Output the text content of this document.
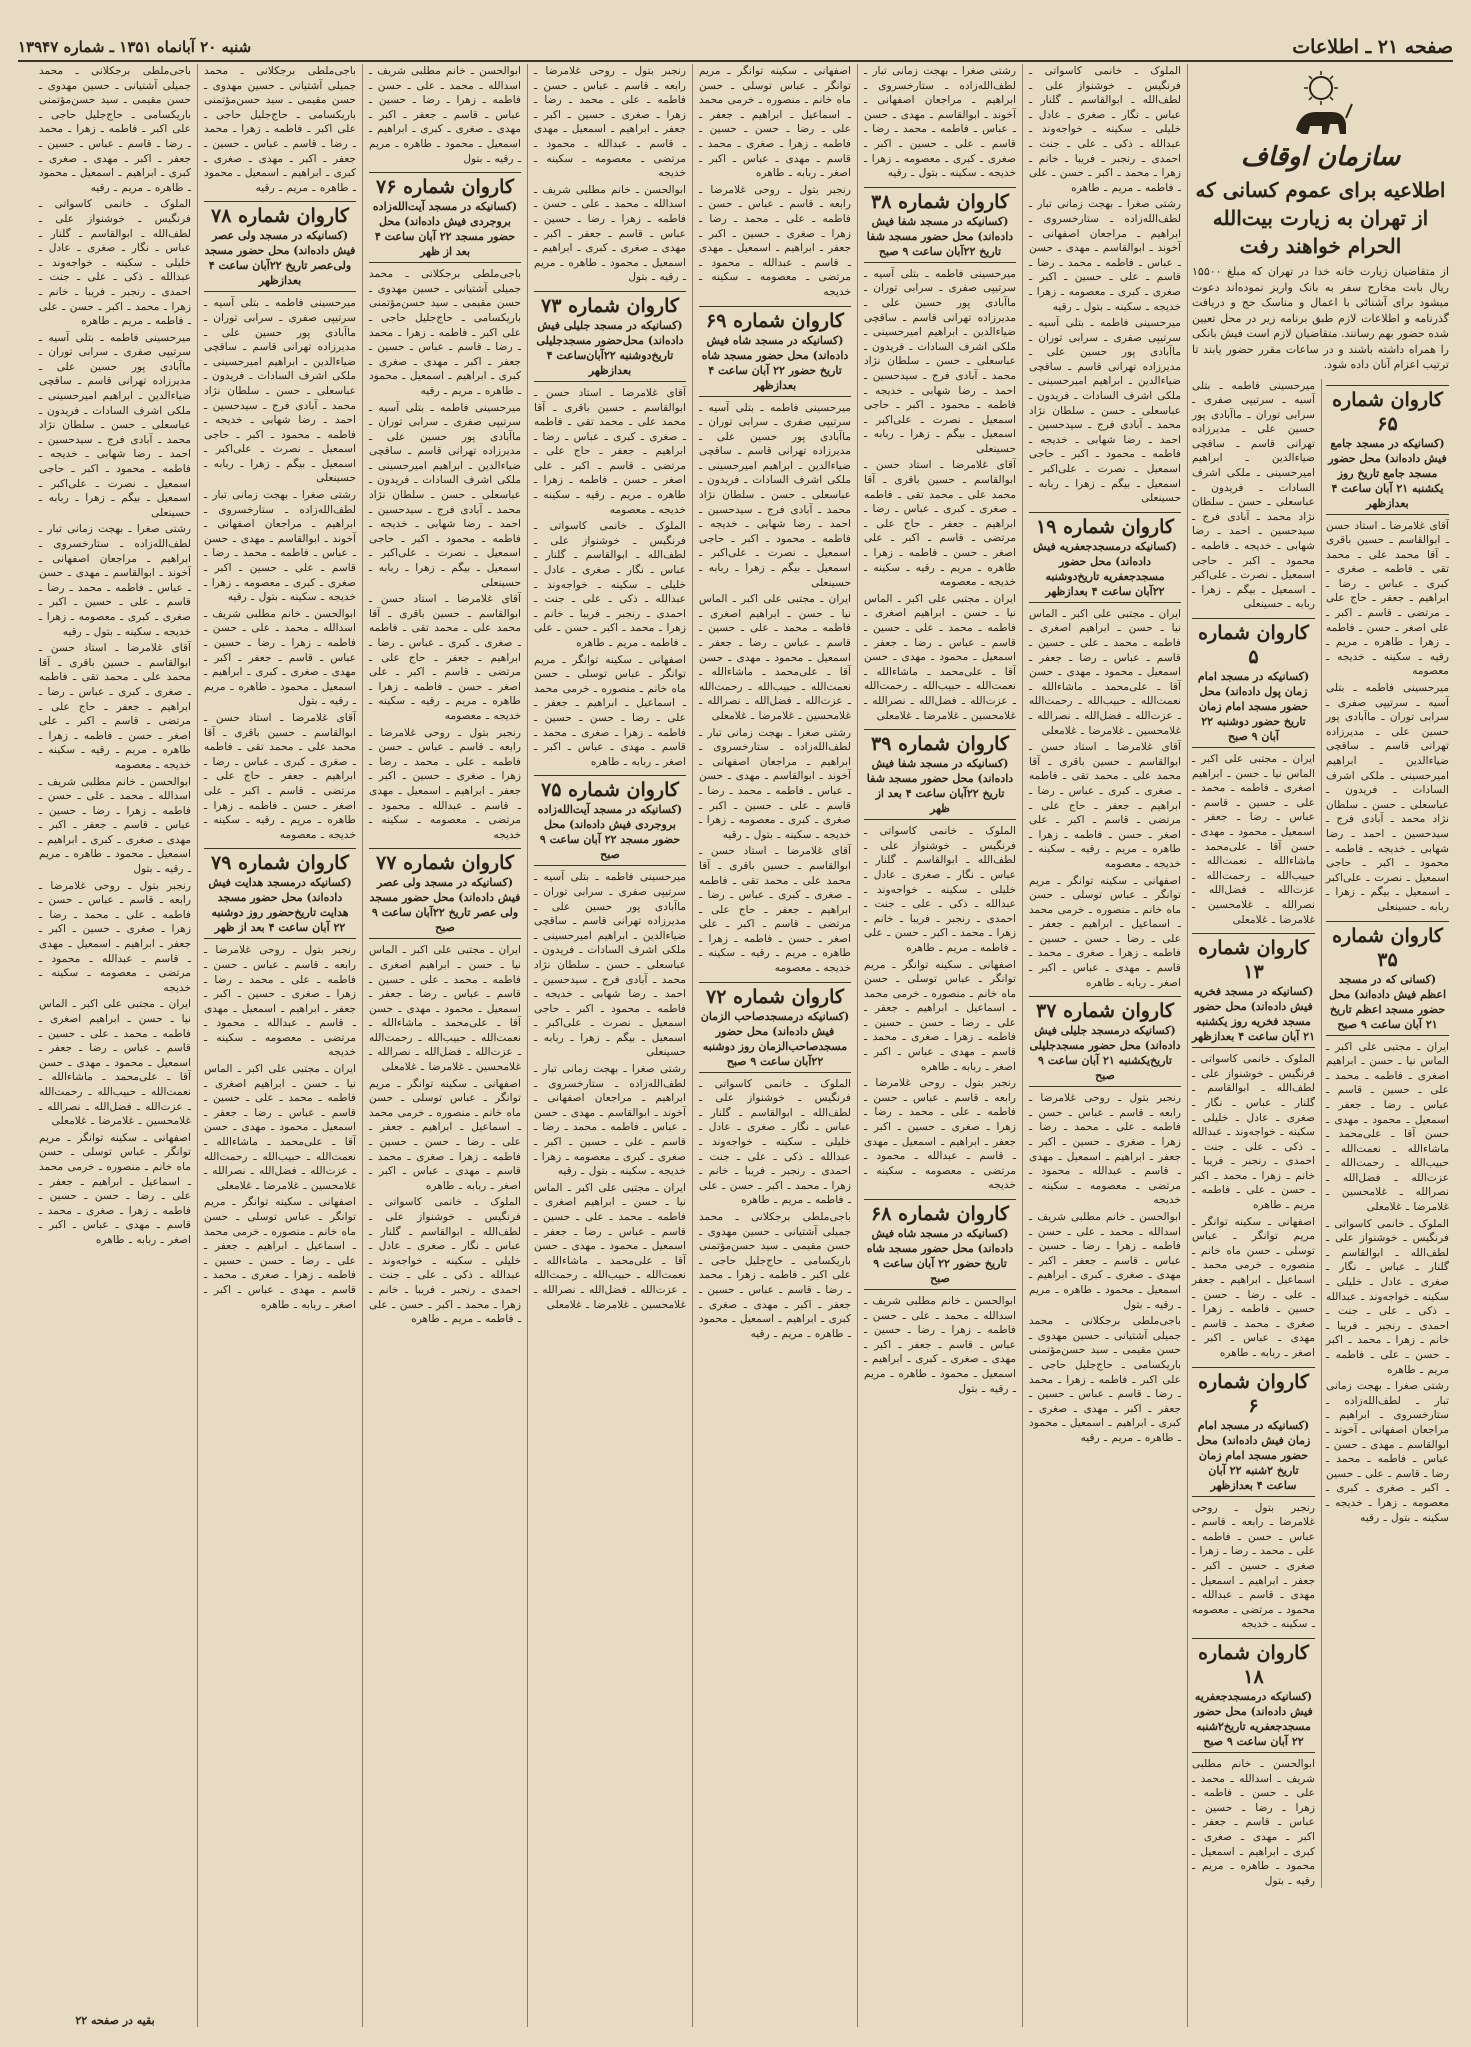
صفحه ۲۱ ـ اطلاعات
شنبه ۲۰ آبانماه ۱۳۵۱ ـ شماره ۱۳۹۴۷
سازمان اوقاف
اطلاعیه برای عموم کسانی که از تهران به زیارت بیت‌الله الحرام خواهند رفت
از متقاضیان زیارت خانه خدا در تهران که مبلغ ۱۵۵۰۰ ریال بابت مخارج سفر به بانک واریز نموده‌اند دعوت میشود برای آشنائی با اعمال و مناسک حج و دریافت گذرنامه و اطلاعات لازم طبق برنامه زیر در محل تعیین شده حضور بهم رسانند. متقاضیان لازم است فیش بانکی را همراه داشته باشند و در ساعات مقرر حضور یابند تا ترتیب اعزام آنان داده شود.
کاروان شماره ۶۵
(کسانیکه در مسجد جامع فیش داده‌اند) محل حضور مسجد جامع تاریخ روز یکشنبه ۲۱ آبان ساعت ۴ بعدازظهر
آقای غلامرضا ـ استاد حسن ـ ابوالقاسم ـ حسین باقری ـ آقا محمد علی ـ محمد تقی ـ فاطمه ـ صغری ـ کبری ـ عباس ـ رضا ـ ابراهیم ـ جعفر ـ حاج علی ـ مرتضی ـ قاسم ـ اکبر ـ علی اصغر ـ حسن ـ فاطمه ـ زهرا ـ طاهره ـ مریم ـ رقیه ـ سکینه ـ خدیجه ـ معصومه
میرحسینی فاطمه ـ بتلی آسیه ـ سرتیپی صفری ـ سرابی توران ـ ماآبادی پور حسین علی ـ مدیرزاده تهرانی قاسم ـ ساقچی ضیاءالدین ـ ابراهیم امیرحسینی ـ ملکی اشرف السادات ـ فریدون ـ عباسعلی ـ حسن ـ سلطان نژاد محمد ـ آبادی فرج ـ سیدحسین ـ احمد ـ رضا شهابی ـ خدیجه ـ فاطمه ـ محمود ـ اکبر ـ حاجی اسمعیل ـ نصرت ـ علی‌اکبر ـ اسمعیل ـ بیگم ـ زهرا ـ ربابه ـ حسینعلی
کاروان شماره ۳۵
(کسانی که در مسجد اعظم فیش داده‌اند) محل حضور مسجد اعظم تاریخ ۲۱ آبان ساعت ۹ صبح
ایران ـ مجتبی علی اکبر ـ الماس نیا ـ حسن ـ ابراهیم اصغری ـ فاطمه ـ محمد ـ علی ـ حسین ـ قاسم ـ عباس ـ رضا ـ جعفر ـ اسمعیل ـ محمود ـ مهدی ـ حسن آقا ـ علی‌محمد ـ ماشاءالله ـ نعمت‌الله ـ حبیب‌الله ـ رحمت‌الله ـ عزت‌الله ـ فضل‌الله ـ نصرالله ـ غلامحسین ـ غلامرضا ـ غلامعلی
الملوک ـ خانمی کاسواتی ـ فرنگیس ـ خوشنواز علی ـ لطف‌الله ـ ابوالقاسم ـ گلنار ـ عباس ـ نگار ـ صغری ـ عادل ـ خلیلی ـ سکینه ـ خواجه‌وند ـ عبدالله ـ ذکی ـ علی ـ جنت ـ احمدی ـ رنجبر ـ فریبا ـ خانم ـ زهرا ـ محمد ـ اکبر ـ حسن ـ علی ـ فاطمه ـ مریم ـ طاهره
رشتی صغرا ـ بهجت زمانی تبار ـ لطف‌الله‌زاده ـ ستارخسروی ـ ابراهیم ـ مراجعان اصفهانی ـ آخوند ـ ابوالقاسم ـ مهدی ـ حسن ـ عباس ـ فاطمه ـ محمد ـ رضا ـ قاسم ـ علی ـ حسین ـ اکبر ـ صغری ـ کبری ـ معصومه ـ زهرا ـ خدیجه ـ سکینه ـ بتول ـ رقیه
میرحسینی فاطمه ـ بتلی آسیه ـ سرتیپی صفری ـ سرابی توران ـ ماآبادی پور حسین علی ـ مدیرزاده تهرانی قاسم ـ ساقچی ضیاءالدین ـ ابراهیم امیرحسینی ـ ملکی اشرف السادات ـ فریدون ـ عباسعلی ـ حسن ـ سلطان نژاد محمد ـ آبادی فرج ـ سیدحسین ـ احمد ـ رضا شهابی ـ خدیجه ـ فاطمه ـ محمود ـ اکبر ـ حاجی اسمعیل ـ نصرت ـ علی‌اکبر ـ اسمعیل ـ بیگم ـ زهرا ـ ربابه ـ حسینعلی
کاروان شماره ۵
(کسانیکه در مسجد امام زمان پول داده‌اند) محل حضور مسجد امام زمان تاریخ حضور دوشنبه ۲۲ آبان ۹ صبح
ایران ـ مجتبی علی اکبر ـ الماس نیا ـ حسن ـ ابراهیم اصغری ـ فاطمه ـ محمد ـ علی ـ حسین ـ قاسم ـ عباس ـ رضا ـ جعفر ـ اسمعیل ـ محمود ـ مهدی ـ حسن آقا ـ علی‌محمد ـ ماشاءالله ـ نعمت‌الله ـ حبیب‌الله ـ رحمت‌الله ـ عزت‌الله ـ فضل‌الله ـ نصرالله ـ غلامحسین ـ غلامرضا ـ غلامعلی
کاروان شماره ۱۳
(کسانیکه در مسجد فخریه فیش داده‌اند) محل حضور مسجد فخریه روز یکشنبه ۲۱ آبان ساعت ۴ بعدازظهر
الملوک ـ خانمی کاسواتی ـ فرنگیس ـ خوشنواز علی ـ لطف‌الله ـ ابوالقاسم ـ گلنار ـ عباس ـ نگار ـ صغری ـ عادل ـ خلیلی ـ سکینه ـ خواجه‌وند ـ عبدالله ـ ذکی ـ علی ـ جنت ـ احمدی ـ رنجبر ـ فریبا ـ خانم ـ زهرا ـ محمد ـ اکبر ـ حسن ـ علی ـ فاطمه ـ مریم ـ طاهره
اصفهانی ـ سکینه توانگر ـ مریم توانگر ـ عباس توسلی ـ حسن ماه خانم ـ منصوره ـ خرمی محمد ـ اسماعیل ـ ابراهیم ـ جعفر ـ علی ـ رضا ـ حسن ـ حسین ـ فاطمه ـ زهرا ـ صغری ـ محمد ـ قاسم ـ مهدی ـ عباس ـ اکبر ـ اصغر ـ ربابه ـ طاهره
کاروان شماره ۶
(کسانیکه در مسجد امام زمان فیش داده‌اند) محل حضور مسجد امام زمان تاریخ ۲شنبه ۲۲ آبان ساعت ۴ بعدازظهر
رنجبر بتول ـ روحی غلامرضا ـ رابعه ـ قاسم ـ عباس ـ حسن ـ فاطمه ـ علی ـ محمد ـ رضا ـ زهرا ـ صغری ـ حسین ـ اکبر ـ جعفر ـ ابراهیم ـ اسمعیل ـ مهدی ـ قاسم ـ عبدالله ـ محمود ـ مرتضی ـ معصومه ـ سکینه ـ خدیجه
کاروان شماره ۱۸
(کسانیکه درمسجدجعفریه فیش داده‌اند) محل حضور مسجدجعفریه تاریخ۲شنبه ۲۲ آبان ساعت ۹ صبح
ابوالحسن ـ خانم مطلبی شریف ـ اسدالله ـ محمد ـ علی ـ حسن ـ فاطمه ـ زهرا ـ رضا ـ حسین ـ عباس ـ قاسم ـ جعفر ـ اکبر ـ مهدی ـ صغری ـ کبری ـ ابراهیم ـ اسمعیل ـ محمود ـ طاهره ـ مریم ـ رقیه ـ بتول
الملوک ـ خانمی کاسواتی ـ فرنگیس ـ خوشنواز علی ـ لطف‌الله ـ ابوالقاسم ـ گلنار ـ عباس ـ نگار ـ صغری ـ عادل ـ خلیلی ـ سکینه ـ خواجه‌وند ـ عبدالله ـ ذکی ـ علی ـ جنت ـ احمدی ـ رنجبر ـ فریبا ـ خانم ـ زهرا ـ محمد ـ اکبر ـ حسن ـ علی ـ فاطمه ـ مریم ـ طاهره
رشتی صغرا ـ بهجت زمانی تبار ـ لطف‌الله‌زاده ـ ستارخسروی ـ ابراهیم ـ مراجعان اصفهانی ـ آخوند ـ ابوالقاسم ـ مهدی ـ حسن ـ عباس ـ فاطمه ـ محمد ـ رضا ـ قاسم ـ علی ـ حسین ـ اکبر ـ صغری ـ کبری ـ معصومه ـ زهرا ـ خدیجه ـ سکینه ـ بتول ـ رقیه
میرحسینی فاطمه ـ بتلی آسیه ـ سرتیپی صفری ـ سرابی توران ـ ماآبادی پور حسین علی ـ مدیرزاده تهرانی قاسم ـ ساقچی ضیاءالدین ـ ابراهیم امیرحسینی ـ ملکی اشرف السادات ـ فریدون ـ عباسعلی ـ حسن ـ سلطان نژاد محمد ـ آبادی فرج ـ سیدحسین ـ احمد ـ رضا شهابی ـ خدیجه ـ فاطمه ـ محمود ـ اکبر ـ حاجی اسمعیل ـ نصرت ـ علی‌اکبر ـ اسمعیل ـ بیگم ـ زهرا ـ ربابه ـ حسینعلی
کاروان شماره ۱۹
(کسانیکه درمسجدجعفریه فیش داده‌اند) محل حضور مسجدجعفریه تاریخ‌دوشنبه ۲۲آبان ساعت ۴ بعدازظهر
ایران ـ مجتبی علی اکبر ـ الماس نیا ـ حسن ـ ابراهیم اصغری ـ فاطمه ـ محمد ـ علی ـ حسین ـ قاسم ـ عباس ـ رضا ـ جعفر ـ اسمعیل ـ محمود ـ مهدی ـ حسن آقا ـ علی‌محمد ـ ماشاءالله ـ نعمت‌الله ـ حبیب‌الله ـ رحمت‌الله ـ عزت‌الله ـ فضل‌الله ـ نصرالله ـ غلامحسین ـ غلامرضا ـ غلامعلی
آقای غلامرضا ـ استاد حسن ـ ابوالقاسم ـ حسین باقری ـ آقا محمد علی ـ محمد تقی ـ فاطمه ـ صغری ـ کبری ـ عباس ـ رضا ـ ابراهیم ـ جعفر ـ حاج علی ـ مرتضی ـ قاسم ـ اکبر ـ علی اصغر ـ حسن ـ فاطمه ـ زهرا ـ طاهره ـ مریم ـ رقیه ـ سکینه ـ خدیجه ـ معصومه
اصفهانی ـ سکینه توانگر ـ مریم توانگر ـ عباس توسلی ـ حسن ماه خانم ـ منصوره ـ خرمی محمد ـ اسماعیل ـ ابراهیم ـ جعفر ـ علی ـ رضا ـ حسن ـ حسین ـ فاطمه ـ زهرا ـ صغری ـ محمد ـ قاسم ـ مهدی ـ عباس ـ اکبر ـ اصغر ـ ربابه ـ طاهره
کاروان شماره ۳۷
(کسانیکه درمسجد جلیلی فیش داده‌اند) محل حضور مسجدجلیلی تاریخ‌یکشنبه ۲۱ آبان ساعت ۹ صبح
رنجبر بتول ـ روحی غلامرضا ـ رابعه ـ قاسم ـ عباس ـ حسن ـ فاطمه ـ علی ـ محمد ـ رضا ـ زهرا ـ صغری ـ حسین ـ اکبر ـ جعفر ـ ابراهیم ـ اسمعیل ـ مهدی ـ قاسم ـ عبدالله ـ محمود ـ مرتضی ـ معصومه ـ سکینه ـ خدیجه
ابوالحسن ـ خانم مطلبی شریف ـ اسدالله ـ محمد ـ علی ـ حسن ـ فاطمه ـ زهرا ـ رضا ـ حسین ـ عباس ـ قاسم ـ جعفر ـ اکبر ـ مهدی ـ صغری ـ کبری ـ ابراهیم ـ اسمعیل ـ محمود ـ طاهره ـ مریم ـ رقیه ـ بتول
باجی‌ملطی برجکلانی ـ محمد جمیلی آشتیانی ـ حسین مهدوی ـ حسن مقیمی ـ سید حسن‌مؤتمنی باریکسامی ـ حاج‌جلیل حاجی ـ علی اکبر ـ فاطمه ـ زهرا ـ محمد ـ رضا ـ قاسم ـ عباس ـ حسین ـ جعفر ـ اکبر ـ مهدی ـ صغری ـ کبری ـ ابراهیم ـ اسمعیل ـ محمود ـ طاهره ـ مریم ـ رقیه
رشتی صغرا ـ بهجت زمانی تبار ـ لطف‌الله‌زاده ـ ستارخسروی ـ ابراهیم ـ مراجعان اصفهانی ـ آخوند ـ ابوالقاسم ـ مهدی ـ حسن ـ عباس ـ فاطمه ـ محمد ـ رضا ـ قاسم ـ علی ـ حسین ـ اکبر ـ صغری ـ کبری ـ معصومه ـ زهرا ـ خدیجه ـ سکینه ـ بتول ـ رقیه
کاروان شماره ۳۸
(کسانیکه در مسجد شفا فیش داده‌اند) محل حضور مسجد شفا تاریخ ۲۲آبان ساعت ۹ صبح
میرحسینی فاطمه ـ بتلی آسیه ـ سرتیپی صفری ـ سرابی توران ـ ماآبادی پور حسین علی ـ مدیرزاده تهرانی قاسم ـ ساقچی ضیاءالدین ـ ابراهیم امیرحسینی ـ ملکی اشرف السادات ـ فریدون ـ عباسعلی ـ حسن ـ سلطان نژاد محمد ـ آبادی فرج ـ سیدحسین ـ احمد ـ رضا شهابی ـ خدیجه ـ فاطمه ـ محمود ـ اکبر ـ حاجی اسمعیل ـ نصرت ـ علی‌اکبر ـ اسمعیل ـ بیگم ـ زهرا ـ ربابه ـ حسینعلی
آقای غلامرضا ـ استاد حسن ـ ابوالقاسم ـ حسین باقری ـ آقا محمد علی ـ محمد تقی ـ فاطمه ـ صغری ـ کبری ـ عباس ـ رضا ـ ابراهیم ـ جعفر ـ حاج علی ـ مرتضی ـ قاسم ـ اکبر ـ علی اصغر ـ حسن ـ فاطمه ـ زهرا ـ طاهره ـ مریم ـ رقیه ـ سکینه ـ خدیجه ـ معصومه
ایران ـ مجتبی علی اکبر ـ الماس نیا ـ حسن ـ ابراهیم اصغری ـ فاطمه ـ محمد ـ علی ـ حسین ـ قاسم ـ عباس ـ رضا ـ جعفر ـ اسمعیل ـ محمود ـ مهدی ـ حسن آقا ـ علی‌محمد ـ ماشاءالله ـ نعمت‌الله ـ حبیب‌الله ـ رحمت‌الله ـ عزت‌الله ـ فضل‌الله ـ نصرالله ـ غلامحسین ـ غلامرضا ـ غلامعلی
کاروان شماره ۳۹
(کسانیکه در مسجد شفا فیش داده‌اند) محل حضور مسجد شفا تاریخ ۲۲آبان ساعت ۴ بعد از ظهر
الملوک ـ خانمی کاسواتی ـ فرنگیس ـ خوشنواز علی ـ لطف‌الله ـ ابوالقاسم ـ گلنار ـ عباس ـ نگار ـ صغری ـ عادل ـ خلیلی ـ سکینه ـ خواجه‌وند ـ عبدالله ـ ذکی ـ علی ـ جنت ـ احمدی ـ رنجبر ـ فریبا ـ خانم ـ زهرا ـ محمد ـ اکبر ـ حسن ـ علی ـ فاطمه ـ مریم ـ طاهره
اصفهانی ـ سکینه توانگر ـ مریم توانگر ـ عباس توسلی ـ حسن ماه خانم ـ منصوره ـ خرمی محمد ـ اسماعیل ـ ابراهیم ـ جعفر ـ علی ـ رضا ـ حسن ـ حسین ـ فاطمه ـ زهرا ـ صغری ـ محمد ـ قاسم ـ مهدی ـ عباس ـ اکبر ـ اصغر ـ ربابه ـ طاهره
رنجبر بتول ـ روحی غلامرضا ـ رابعه ـ قاسم ـ عباس ـ حسن ـ فاطمه ـ علی ـ محمد ـ رضا ـ زهرا ـ صغری ـ حسین ـ اکبر ـ جعفر ـ ابراهیم ـ اسمعیل ـ مهدی ـ قاسم ـ عبدالله ـ محمود ـ مرتضی ـ معصومه ـ سکینه ـ خدیجه
کاروان شماره ۶۸
(کسانیکه در مسجد شاه فیش داده‌اند) محل حضور مسجد شاه تاریخ حضور ۲۲ آبان ساعت ۹ صبح
ابوالحسن ـ خانم مطلبی شریف ـ اسدالله ـ محمد ـ علی ـ حسن ـ فاطمه ـ زهرا ـ رضا ـ حسین ـ عباس ـ قاسم ـ جعفر ـ اکبر ـ مهدی ـ صغری ـ کبری ـ ابراهیم ـ اسمعیل ـ محمود ـ طاهره ـ مریم ـ رقیه ـ بتول
اصفهانی ـ سکینه توانگر ـ مریم توانگر ـ عباس توسلی ـ حسن ماه خانم ـ منصوره ـ خرمی محمد ـ اسماعیل ـ ابراهیم ـ جعفر ـ علی ـ رضا ـ حسن ـ حسین ـ فاطمه ـ زهرا ـ صغری ـ محمد ـ قاسم ـ مهدی ـ عباس ـ اکبر ـ اصغر ـ ربابه ـ طاهره
رنجبر بتول ـ روحی غلامرضا ـ رابعه ـ قاسم ـ عباس ـ حسن ـ فاطمه ـ علی ـ محمد ـ رضا ـ زهرا ـ صغری ـ حسین ـ اکبر ـ جعفر ـ ابراهیم ـ اسمعیل ـ مهدی ـ قاسم ـ عبدالله ـ محمود ـ مرتضی ـ معصومه ـ سکینه ـ خدیجه
کاروان شماره ۶۹
(کسانیکه در مسجد شاه فیش داده‌اند) محل حضور مسجد شاه تاریخ حضور ۲۲ آبان ساعت ۴ بعدازظهر
میرحسینی فاطمه ـ بتلی آسیه ـ سرتیپی صفری ـ سرابی توران ـ ماآبادی پور حسین علی ـ مدیرزاده تهرانی قاسم ـ ساقچی ضیاءالدین ـ ابراهیم امیرحسینی ـ ملکی اشرف السادات ـ فریدون ـ عباسعلی ـ حسن ـ سلطان نژاد محمد ـ آبادی فرج ـ سیدحسین ـ احمد ـ رضا شهابی ـ خدیجه ـ فاطمه ـ محمود ـ اکبر ـ حاجی اسمعیل ـ نصرت ـ علی‌اکبر ـ اسمعیل ـ بیگم ـ زهرا ـ ربابه ـ حسینعلی
ایران ـ مجتبی علی اکبر ـ الماس نیا ـ حسن ـ ابراهیم اصغری ـ فاطمه ـ محمد ـ علی ـ حسین ـ قاسم ـ عباس ـ رضا ـ جعفر ـ اسمعیل ـ محمود ـ مهدی ـ حسن آقا ـ علی‌محمد ـ ماشاءالله ـ نعمت‌الله ـ حبیب‌الله ـ رحمت‌الله ـ عزت‌الله ـ فضل‌الله ـ نصرالله ـ غلامحسین ـ غلامرضا ـ غلامعلی
رشتی صغرا ـ بهجت زمانی تبار ـ لطف‌الله‌زاده ـ ستارخسروی ـ ابراهیم ـ مراجعان اصفهانی ـ آخوند ـ ابوالقاسم ـ مهدی ـ حسن ـ عباس ـ فاطمه ـ محمد ـ رضا ـ قاسم ـ علی ـ حسین ـ اکبر ـ صغری ـ کبری ـ معصومه ـ زهرا ـ خدیجه ـ سکینه ـ بتول ـ رقیه
آقای غلامرضا ـ استاد حسن ـ ابوالقاسم ـ حسین باقری ـ آقا محمد علی ـ محمد تقی ـ فاطمه ـ صغری ـ کبری ـ عباس ـ رضا ـ ابراهیم ـ جعفر ـ حاج علی ـ مرتضی ـ قاسم ـ اکبر ـ علی اصغر ـ حسن ـ فاطمه ـ زهرا ـ طاهره ـ مریم ـ رقیه ـ سکینه ـ خدیجه ـ معصومه
کاروان شماره ۷۲
(کسانیکه درمسجدصاحب الزمان فیش داده‌اند) محل حضور مسجدصاحب‌الزمان روز دوشنبه ۲۲آبان ساعت ۹ صبح
الملوک ـ خانمی کاسواتی ـ فرنگیس ـ خوشنواز علی ـ لطف‌الله ـ ابوالقاسم ـ گلنار ـ عباس ـ نگار ـ صغری ـ عادل ـ خلیلی ـ سکینه ـ خواجه‌وند ـ عبدالله ـ ذکی ـ علی ـ جنت ـ احمدی ـ رنجبر ـ فریبا ـ خانم ـ زهرا ـ محمد ـ اکبر ـ حسن ـ علی ـ فاطمه ـ مریم ـ طاهره
باجی‌ملطی برجکلانی ـ محمد جمیلی آشتیانی ـ حسین مهدوی ـ حسن مقیمی ـ سید حسن‌مؤتمنی باریکسامی ـ حاج‌جلیل حاجی ـ علی اکبر ـ فاطمه ـ زهرا ـ محمد ـ رضا ـ قاسم ـ عباس ـ حسین ـ جعفر ـ اکبر ـ مهدی ـ صغری ـ کبری ـ ابراهیم ـ اسمعیل ـ محمود ـ طاهره ـ مریم ـ رقیه
رنجبر بتول ـ روحی غلامرضا ـ رابعه ـ قاسم ـ عباس ـ حسن ـ فاطمه ـ علی ـ محمد ـ رضا ـ زهرا ـ صغری ـ حسین ـ اکبر ـ جعفر ـ ابراهیم ـ اسمعیل ـ مهدی ـ قاسم ـ عبدالله ـ محمود ـ مرتضی ـ معصومه ـ سکینه ـ خدیجه
ابوالحسن ـ خانم مطلبی شریف ـ اسدالله ـ محمد ـ علی ـ حسن ـ فاطمه ـ زهرا ـ رضا ـ حسین ـ عباس ـ قاسم ـ جعفر ـ اکبر ـ مهدی ـ صغری ـ کبری ـ ابراهیم ـ اسمعیل ـ محمود ـ طاهره ـ مریم ـ رقیه ـ بتول
کاروان شماره ۷۳
(کسانیکه در مسجد جلیلی فیش داده‌اند) محل‌حضور مسجدجلیلی تاریخ‌دوشنبه ۲۲آبان‌ساعت ۴ بعدازظهر
آقای غلامرضا ـ استاد حسن ـ ابوالقاسم ـ حسین باقری ـ آقا محمد علی ـ محمد تقی ـ فاطمه ـ صغری ـ کبری ـ عباس ـ رضا ـ ابراهیم ـ جعفر ـ حاج علی ـ مرتضی ـ قاسم ـ اکبر ـ علی اصغر ـ حسن ـ فاطمه ـ زهرا ـ طاهره ـ مریم ـ رقیه ـ سکینه ـ خدیجه ـ معصومه
الملوک ـ خانمی کاسواتی ـ فرنگیس ـ خوشنواز علی ـ لطف‌الله ـ ابوالقاسم ـ گلنار ـ عباس ـ نگار ـ صغری ـ عادل ـ خلیلی ـ سکینه ـ خواجه‌وند ـ عبدالله ـ ذکی ـ علی ـ جنت ـ احمدی ـ رنجبر ـ فریبا ـ خانم ـ زهرا ـ محمد ـ اکبر ـ حسن ـ علی ـ فاطمه ـ مریم ـ طاهره
اصفهانی ـ سکینه توانگر ـ مریم توانگر ـ عباس توسلی ـ حسن ماه خانم ـ منصوره ـ خرمی محمد ـ اسماعیل ـ ابراهیم ـ جعفر ـ علی ـ رضا ـ حسن ـ حسین ـ فاطمه ـ زهرا ـ صغری ـ محمد ـ قاسم ـ مهدی ـ عباس ـ اکبر ـ اصغر ـ ربابه ـ طاهره
کاروان شماره ۷۵
(کسانیکه در مسجد آیت‌الله‌زاده بروجردی فیش داده‌اند) محل حضور مسجد ۲۲ آبان ساعت ۹ صبح
میرحسینی فاطمه ـ بتلی آسیه ـ سرتیپی صفری ـ سرابی توران ـ ماآبادی پور حسین علی ـ مدیرزاده تهرانی قاسم ـ ساقچی ضیاءالدین ـ ابراهیم امیرحسینی ـ ملکی اشرف السادات ـ فریدون ـ عباسعلی ـ حسن ـ سلطان نژاد محمد ـ آبادی فرج ـ سیدحسین ـ احمد ـ رضا شهابی ـ خدیجه ـ فاطمه ـ محمود ـ اکبر ـ حاجی اسمعیل ـ نصرت ـ علی‌اکبر ـ اسمعیل ـ بیگم ـ زهرا ـ ربابه ـ حسینعلی
رشتی صغرا ـ بهجت زمانی تبار ـ لطف‌الله‌زاده ـ ستارخسروی ـ ابراهیم ـ مراجعان اصفهانی ـ آخوند ـ ابوالقاسم ـ مهدی ـ حسن ـ عباس ـ فاطمه ـ محمد ـ رضا ـ قاسم ـ علی ـ حسین ـ اکبر ـ صغری ـ کبری ـ معصومه ـ زهرا ـ خدیجه ـ سکینه ـ بتول ـ رقیه
ایران ـ مجتبی علی اکبر ـ الماس نیا ـ حسن ـ ابراهیم اصغری ـ فاطمه ـ محمد ـ علی ـ حسین ـ قاسم ـ عباس ـ رضا ـ جعفر ـ اسمعیل ـ محمود ـ مهدی ـ حسن آقا ـ علی‌محمد ـ ماشاءالله ـ نعمت‌الله ـ حبیب‌الله ـ رحمت‌الله ـ عزت‌الله ـ فضل‌الله ـ نصرالله ـ غلامحسین ـ غلامرضا ـ غلامعلی
ابوالحسن ـ خانم مطلبی شریف ـ اسدالله ـ محمد ـ علی ـ حسن ـ فاطمه ـ زهرا ـ رضا ـ حسین ـ عباس ـ قاسم ـ جعفر ـ اکبر ـ مهدی ـ صغری ـ کبری ـ ابراهیم ـ اسمعیل ـ محمود ـ طاهره ـ مریم ـ رقیه ـ بتول
کاروان شماره ۷۶
(کسانیکه در مسجد آیت‌الله‌زاده بروجردی فیش داده‌اند) محل حضور مسجد ۲۲ آبان ساعت ۴ بعد از ظهر
باجی‌ملطی برجکلانی ـ محمد جمیلی آشتیانی ـ حسین مهدوی ـ حسن مقیمی ـ سید حسن‌مؤتمنی باریکسامی ـ حاج‌جلیل حاجی ـ علی اکبر ـ فاطمه ـ زهرا ـ محمد ـ رضا ـ قاسم ـ عباس ـ حسین ـ جعفر ـ اکبر ـ مهدی ـ صغری ـ کبری ـ ابراهیم ـ اسمعیل ـ محمود ـ طاهره ـ مریم ـ رقیه
میرحسینی فاطمه ـ بتلی آسیه ـ سرتیپی صفری ـ سرابی توران ـ ماآبادی پور حسین علی ـ مدیرزاده تهرانی قاسم ـ ساقچی ضیاءالدین ـ ابراهیم امیرحسینی ـ ملکی اشرف السادات ـ فریدون ـ عباسعلی ـ حسن ـ سلطان نژاد محمد ـ آبادی فرج ـ سیدحسین ـ احمد ـ رضا شهابی ـ خدیجه ـ فاطمه ـ محمود ـ اکبر ـ حاجی اسمعیل ـ نصرت ـ علی‌اکبر ـ اسمعیل ـ بیگم ـ زهرا ـ ربابه ـ حسینعلی
آقای غلامرضا ـ استاد حسن ـ ابوالقاسم ـ حسین باقری ـ آقا محمد علی ـ محمد تقی ـ فاطمه ـ صغری ـ کبری ـ عباس ـ رضا ـ ابراهیم ـ جعفر ـ حاج علی ـ مرتضی ـ قاسم ـ اکبر ـ علی اصغر ـ حسن ـ فاطمه ـ زهرا ـ طاهره ـ مریم ـ رقیه ـ سکینه ـ خدیجه ـ معصومه
رنجبر بتول ـ روحی غلامرضا ـ رابعه ـ قاسم ـ عباس ـ حسن ـ فاطمه ـ علی ـ محمد ـ رضا ـ زهرا ـ صغری ـ حسین ـ اکبر ـ جعفر ـ ابراهیم ـ اسمعیل ـ مهدی ـ قاسم ـ عبدالله ـ محمود ـ مرتضی ـ معصومه ـ سکینه ـ خدیجه
کاروان شماره ۷۷
(کسانیکه در مسجد ولی عصر فیش داده‌اند) محل حضور مسجد ولی عصر تاریخ ۲۲آبان ساعت ۹ صبح
ایران ـ مجتبی علی اکبر ـ الماس نیا ـ حسن ـ ابراهیم اصغری ـ فاطمه ـ محمد ـ علی ـ حسین ـ قاسم ـ عباس ـ رضا ـ جعفر ـ اسمعیل ـ محمود ـ مهدی ـ حسن آقا ـ علی‌محمد ـ ماشاءالله ـ نعمت‌الله ـ حبیب‌الله ـ رحمت‌الله ـ عزت‌الله ـ فضل‌الله ـ نصرالله ـ غلامحسین ـ غلامرضا ـ غلامعلی
اصفهانی ـ سکینه توانگر ـ مریم توانگر ـ عباس توسلی ـ حسن ماه خانم ـ منصوره ـ خرمی محمد ـ اسماعیل ـ ابراهیم ـ جعفر ـ علی ـ رضا ـ حسن ـ حسین ـ فاطمه ـ زهرا ـ صغری ـ محمد ـ قاسم ـ مهدی ـ عباس ـ اکبر ـ اصغر ـ ربابه ـ طاهره
الملوک ـ خانمی کاسواتی ـ فرنگیس ـ خوشنواز علی ـ لطف‌الله ـ ابوالقاسم ـ گلنار ـ عباس ـ نگار ـ صغری ـ عادل ـ خلیلی ـ سکینه ـ خواجه‌وند ـ عبدالله ـ ذکی ـ علی ـ جنت ـ احمدی ـ رنجبر ـ فریبا ـ خانم ـ زهرا ـ محمد ـ اکبر ـ حسن ـ علی ـ فاطمه ـ مریم ـ طاهره
باجی‌ملطی برجکلانی ـ محمد جمیلی آشتیانی ـ حسین مهدوی ـ حسن مقیمی ـ سید حسن‌مؤتمنی باریکسامی ـ حاج‌جلیل حاجی ـ علی اکبر ـ فاطمه ـ زهرا ـ محمد ـ رضا ـ قاسم ـ عباس ـ حسین ـ جعفر ـ اکبر ـ مهدی ـ صغری ـ کبری ـ ابراهیم ـ اسمعیل ـ محمود ـ طاهره ـ مریم ـ رقیه
کاروان شماره ۷۸
(کسانیکه در مسجد ولی عصر فیش داده‌اند) محل حضور مسجد ولی‌عصر تاریخ ۲۲آبان ساعت ۴ بعدازظهر
میرحسینی فاطمه ـ بتلی آسیه ـ سرتیپی صفری ـ سرابی توران ـ ماآبادی پور حسین علی ـ مدیرزاده تهرانی قاسم ـ ساقچی ضیاءالدین ـ ابراهیم امیرحسینی ـ ملکی اشرف السادات ـ فریدون ـ عباسعلی ـ حسن ـ سلطان نژاد محمد ـ آبادی فرج ـ سیدحسین ـ احمد ـ رضا شهابی ـ خدیجه ـ فاطمه ـ محمود ـ اکبر ـ حاجی اسمعیل ـ نصرت ـ علی‌اکبر ـ اسمعیل ـ بیگم ـ زهرا ـ ربابه ـ حسینعلی
رشتی صغرا ـ بهجت زمانی تبار ـ لطف‌الله‌زاده ـ ستارخسروی ـ ابراهیم ـ مراجعان اصفهانی ـ آخوند ـ ابوالقاسم ـ مهدی ـ حسن ـ عباس ـ فاطمه ـ محمد ـ رضا ـ قاسم ـ علی ـ حسین ـ اکبر ـ صغری ـ کبری ـ معصومه ـ زهرا ـ خدیجه ـ سکینه ـ بتول ـ رقیه
ابوالحسن ـ خانم مطلبی شریف ـ اسدالله ـ محمد ـ علی ـ حسن ـ فاطمه ـ زهرا ـ رضا ـ حسین ـ عباس ـ قاسم ـ جعفر ـ اکبر ـ مهدی ـ صغری ـ کبری ـ ابراهیم ـ اسمعیل ـ محمود ـ طاهره ـ مریم ـ رقیه ـ بتول
آقای غلامرضا ـ استاد حسن ـ ابوالقاسم ـ حسین باقری ـ آقا محمد علی ـ محمد تقی ـ فاطمه ـ صغری ـ کبری ـ عباس ـ رضا ـ ابراهیم ـ جعفر ـ حاج علی ـ مرتضی ـ قاسم ـ اکبر ـ علی اصغر ـ حسن ـ فاطمه ـ زهرا ـ طاهره ـ مریم ـ رقیه ـ سکینه ـ خدیجه ـ معصومه
کاروان شماره ۷۹
(کسانیکه درمسجد هدایت فیش داده‌اند) محل حضور مسجد هدایت تاریخ‌حضور روز دوشنبه ۲۲ آبان ساعت ۴ بعد از ظهر
رنجبر بتول ـ روحی غلامرضا ـ رابعه ـ قاسم ـ عباس ـ حسن ـ فاطمه ـ علی ـ محمد ـ رضا ـ زهرا ـ صغری ـ حسین ـ اکبر ـ جعفر ـ ابراهیم ـ اسمعیل ـ مهدی ـ قاسم ـ عبدالله ـ محمود ـ مرتضی ـ معصومه ـ سکینه ـ خدیجه
ایران ـ مجتبی علی اکبر ـ الماس نیا ـ حسن ـ ابراهیم اصغری ـ فاطمه ـ محمد ـ علی ـ حسین ـ قاسم ـ عباس ـ رضا ـ جعفر ـ اسمعیل ـ محمود ـ مهدی ـ حسن آقا ـ علی‌محمد ـ ماشاءالله ـ نعمت‌الله ـ حبیب‌الله ـ رحمت‌الله ـ عزت‌الله ـ فضل‌الله ـ نصرالله ـ غلامحسین ـ غلامرضا ـ غلامعلی
اصفهانی ـ سکینه توانگر ـ مریم توانگر ـ عباس توسلی ـ حسن ماه خانم ـ منصوره ـ خرمی محمد ـ اسماعیل ـ ابراهیم ـ جعفر ـ علی ـ رضا ـ حسن ـ حسین ـ فاطمه ـ زهرا ـ صغری ـ محمد ـ قاسم ـ مهدی ـ عباس ـ اکبر ـ اصغر ـ ربابه ـ طاهره
باجی‌ملطی برجکلانی ـ محمد جمیلی آشتیانی ـ حسین مهدوی ـ حسن مقیمی ـ سید حسن‌مؤتمنی باریکسامی ـ حاج‌جلیل حاجی ـ علی اکبر ـ فاطمه ـ زهرا ـ محمد ـ رضا ـ قاسم ـ عباس ـ حسین ـ جعفر ـ اکبر ـ مهدی ـ صغری ـ کبری ـ ابراهیم ـ اسمعیل ـ محمود ـ طاهره ـ مریم ـ رقیه
الملوک ـ خانمی کاسواتی ـ فرنگیس ـ خوشنواز علی ـ لطف‌الله ـ ابوالقاسم ـ گلنار ـ عباس ـ نگار ـ صغری ـ عادل ـ خلیلی ـ سکینه ـ خواجه‌وند ـ عبدالله ـ ذکی ـ علی ـ جنت ـ احمدی ـ رنجبر ـ فریبا ـ خانم ـ زهرا ـ محمد ـ اکبر ـ حسن ـ علی ـ فاطمه ـ مریم ـ طاهره
میرحسینی فاطمه ـ بتلی آسیه ـ سرتیپی صفری ـ سرابی توران ـ ماآبادی پور حسین علی ـ مدیرزاده تهرانی قاسم ـ ساقچی ضیاءالدین ـ ابراهیم امیرحسینی ـ ملکی اشرف السادات ـ فریدون ـ عباسعلی ـ حسن ـ سلطان نژاد محمد ـ آبادی فرج ـ سیدحسین ـ احمد ـ رضا شهابی ـ خدیجه ـ فاطمه ـ محمود ـ اکبر ـ حاجی اسمعیل ـ نصرت ـ علی‌اکبر ـ اسمعیل ـ بیگم ـ زهرا ـ ربابه ـ حسینعلی
رشتی صغرا ـ بهجت زمانی تبار ـ لطف‌الله‌زاده ـ ستارخسروی ـ ابراهیم ـ مراجعان اصفهانی ـ آخوند ـ ابوالقاسم ـ مهدی ـ حسن ـ عباس ـ فاطمه ـ محمد ـ رضا ـ قاسم ـ علی ـ حسین ـ اکبر ـ صغری ـ کبری ـ معصومه ـ زهرا ـ خدیجه ـ سکینه ـ بتول ـ رقیه
آقای غلامرضا ـ استاد حسن ـ ابوالقاسم ـ حسین باقری ـ آقا محمد علی ـ محمد تقی ـ فاطمه ـ صغری ـ کبری ـ عباس ـ رضا ـ ابراهیم ـ جعفر ـ حاج علی ـ مرتضی ـ قاسم ـ اکبر ـ علی اصغر ـ حسن ـ فاطمه ـ زهرا ـ طاهره ـ مریم ـ رقیه ـ سکینه ـ خدیجه ـ معصومه
ابوالحسن ـ خانم مطلبی شریف ـ اسدالله ـ محمد ـ علی ـ حسن ـ فاطمه ـ زهرا ـ رضا ـ حسین ـ عباس ـ قاسم ـ جعفر ـ اکبر ـ مهدی ـ صغری ـ کبری ـ ابراهیم ـ اسمعیل ـ محمود ـ طاهره ـ مریم ـ رقیه ـ بتول
رنجبر بتول ـ روحی غلامرضا ـ رابعه ـ قاسم ـ عباس ـ حسن ـ فاطمه ـ علی ـ محمد ـ رضا ـ زهرا ـ صغری ـ حسین ـ اکبر ـ جعفر ـ ابراهیم ـ اسمعیل ـ مهدی ـ قاسم ـ عبدالله ـ محمود ـ مرتضی ـ معصومه ـ سکینه ـ خدیجه
ایران ـ مجتبی علی اکبر ـ الماس نیا ـ حسن ـ ابراهیم اصغری ـ فاطمه ـ محمد ـ علی ـ حسین ـ قاسم ـ عباس ـ رضا ـ جعفر ـ اسمعیل ـ محمود ـ مهدی ـ حسن آقا ـ علی‌محمد ـ ماشاءالله ـ نعمت‌الله ـ حبیب‌الله ـ رحمت‌الله ـ عزت‌الله ـ فضل‌الله ـ نصرالله ـ غلامحسین ـ غلامرضا ـ غلامعلی
اصفهانی ـ سکینه توانگر ـ مریم توانگر ـ عباس توسلی ـ حسن ماه خانم ـ منصوره ـ خرمی محمد ـ اسماعیل ـ ابراهیم ـ جعفر ـ علی ـ رضا ـ حسن ـ حسین ـ فاطمه ـ زهرا ـ صغری ـ محمد ـ قاسم ـ مهدی ـ عباس ـ اکبر ـ اصغر ـ ربابه ـ طاهره
بقیه در صفحه ۲۲
